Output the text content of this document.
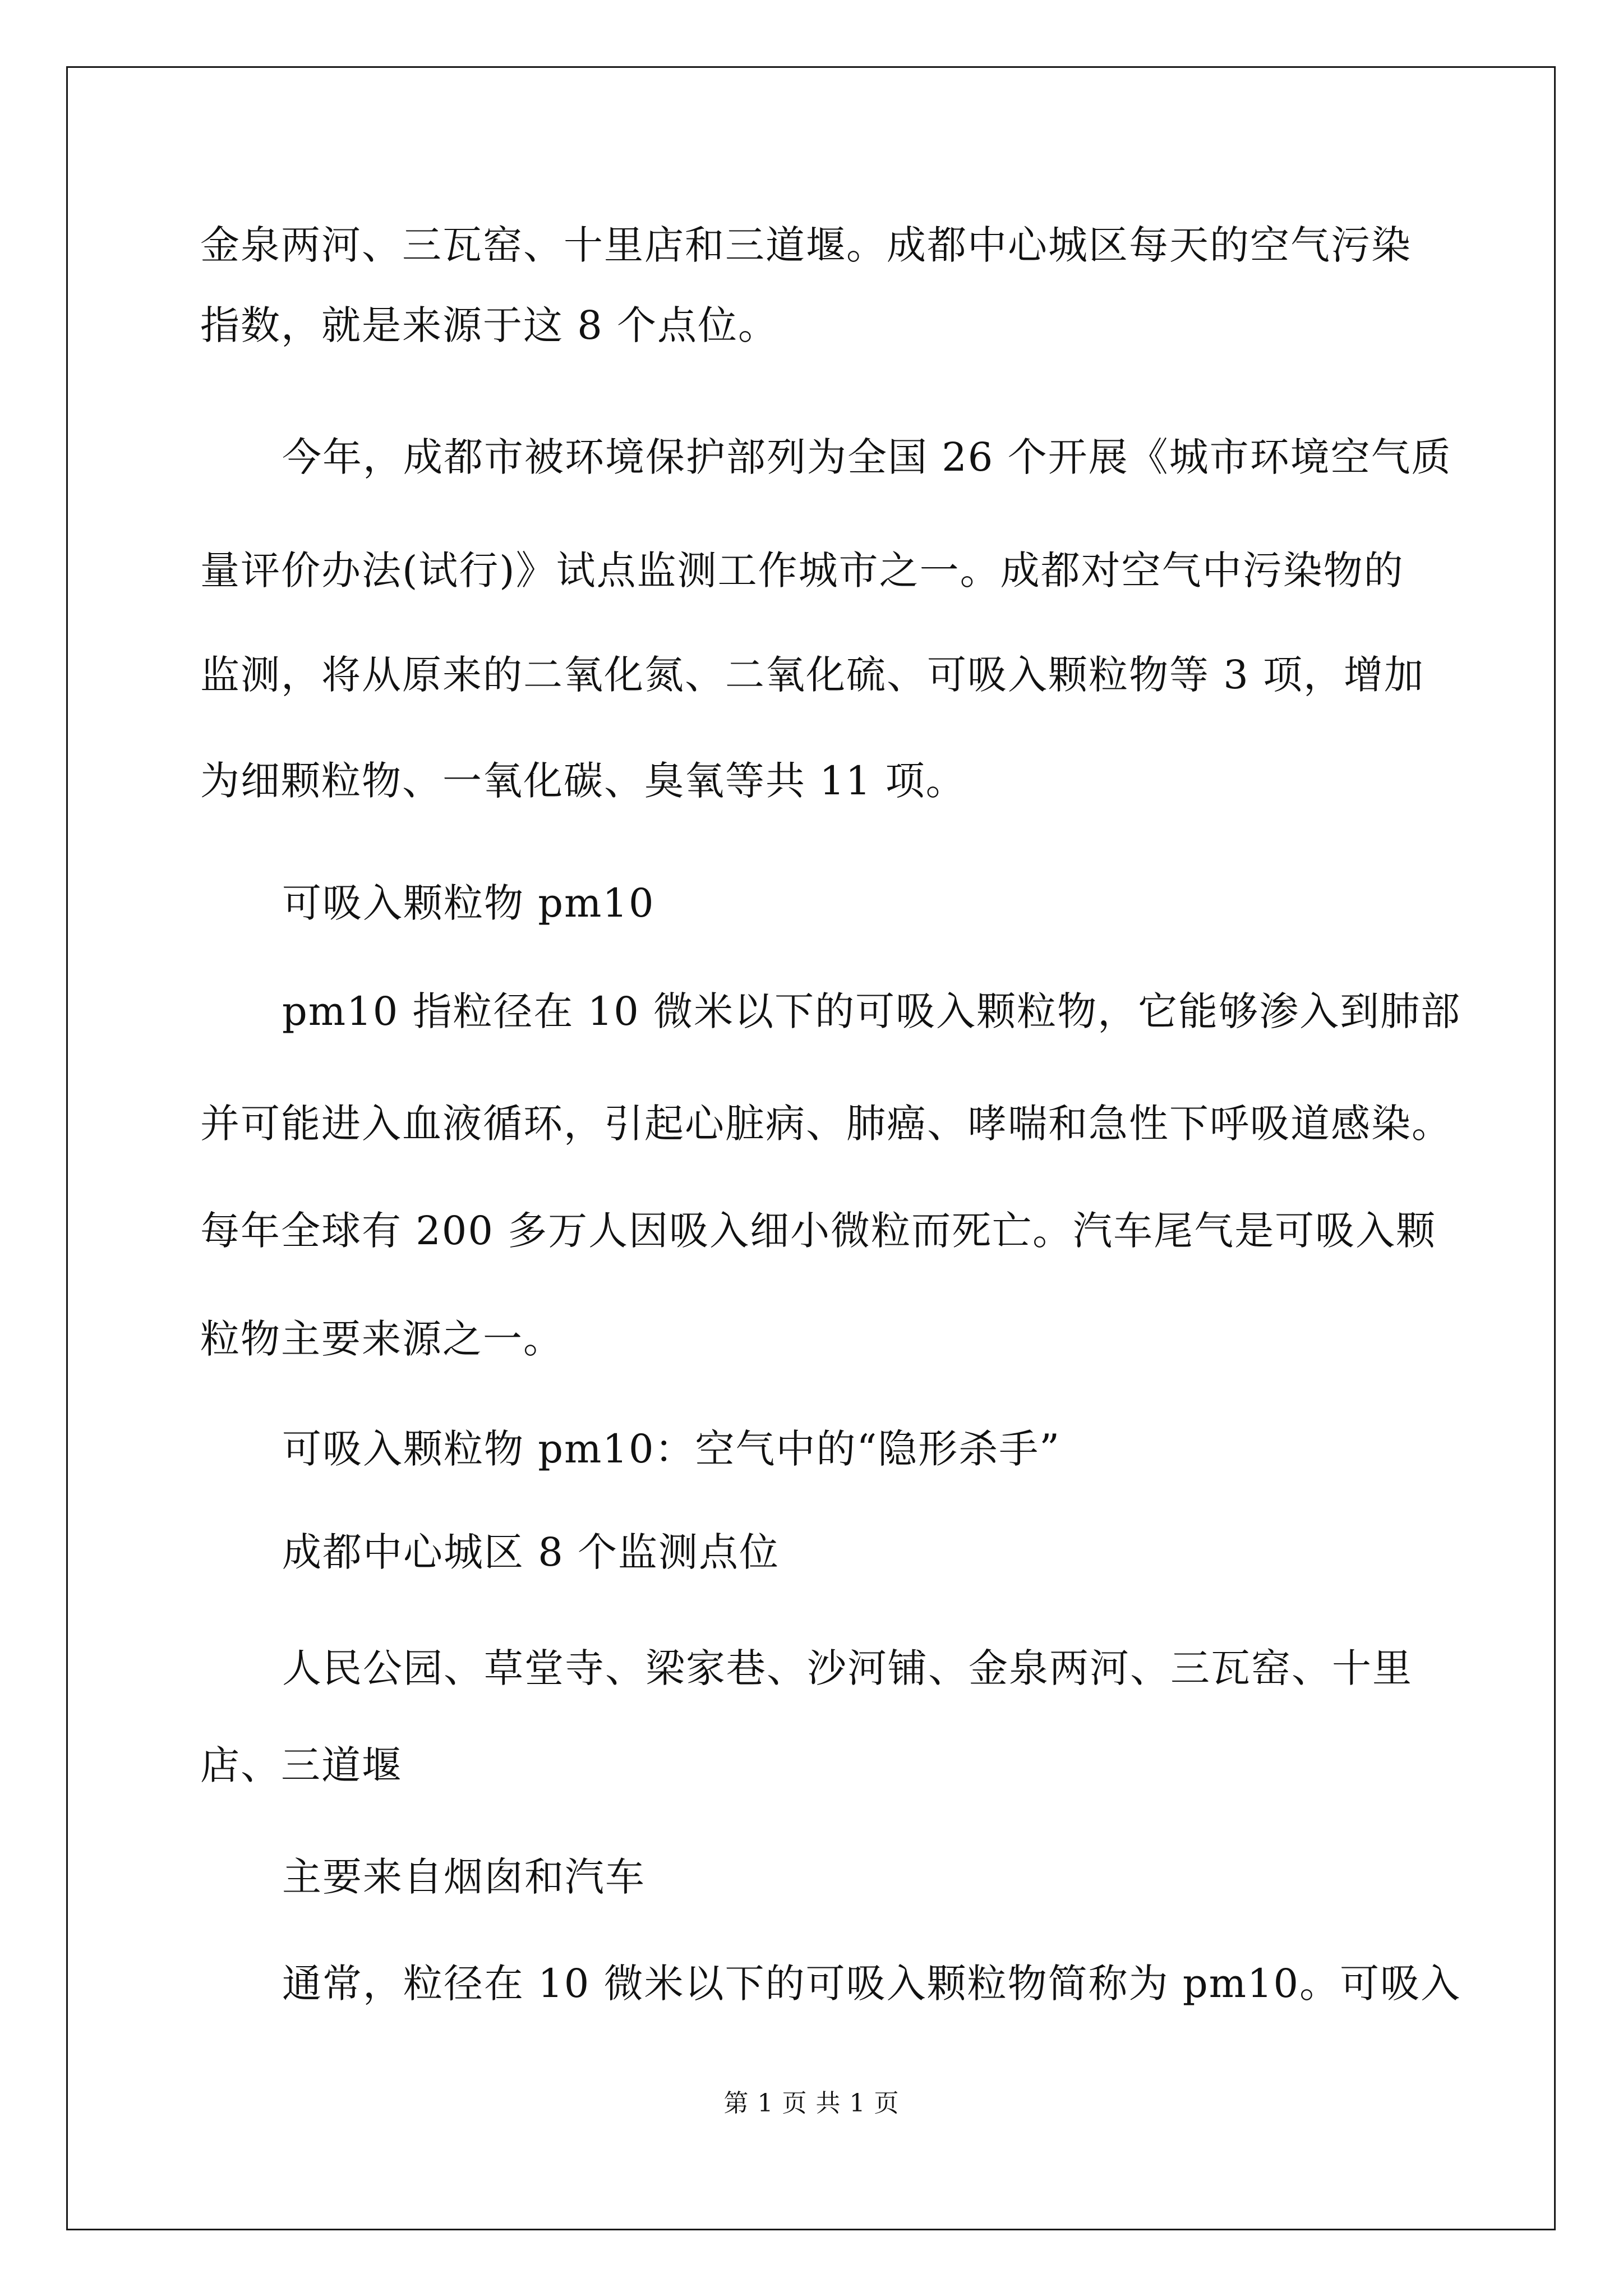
金泉两河、三瓦窑、十里店和三道堰。成都中心城区每天的空气污染
指数，就是来源于这 8 个点位。
今年，成都市被环境保护部列为全国 26 个开展《城市环境空气质
量评价办法(试行)》试点监测工作城市之一。成都对空气中污染物的
监测，将从原来的二氧化氮、二氧化硫、可吸入颗粒物等 3 项，增加
为细颗粒物、一氧化碳、臭氧等共 11 项。
可吸入颗粒物 pm10
pm10 指粒径在 10 微米以下的可吸入颗粒物，它能够渗入到肺部
并可能进入血液循环，引起心脏病、肺癌、哮喘和急性下呼吸道感染。
每年全球有 200 多万人因吸入细小微粒而死亡。汽车尾气是可吸入颗
粒物主要来源之一。
可吸入颗粒物 pm10：空气中的“隐形杀手”
成都中心城区 8 个监测点位
人民公园、草堂寺、梁家巷、沙河铺、金泉两河、三瓦窑、十里
店、三道堰
主要来自烟囱和汽车
通常，粒径在 10 微米以下的可吸入颗粒物简称为 pm10。可吸入
第 1 页 共 1 页
